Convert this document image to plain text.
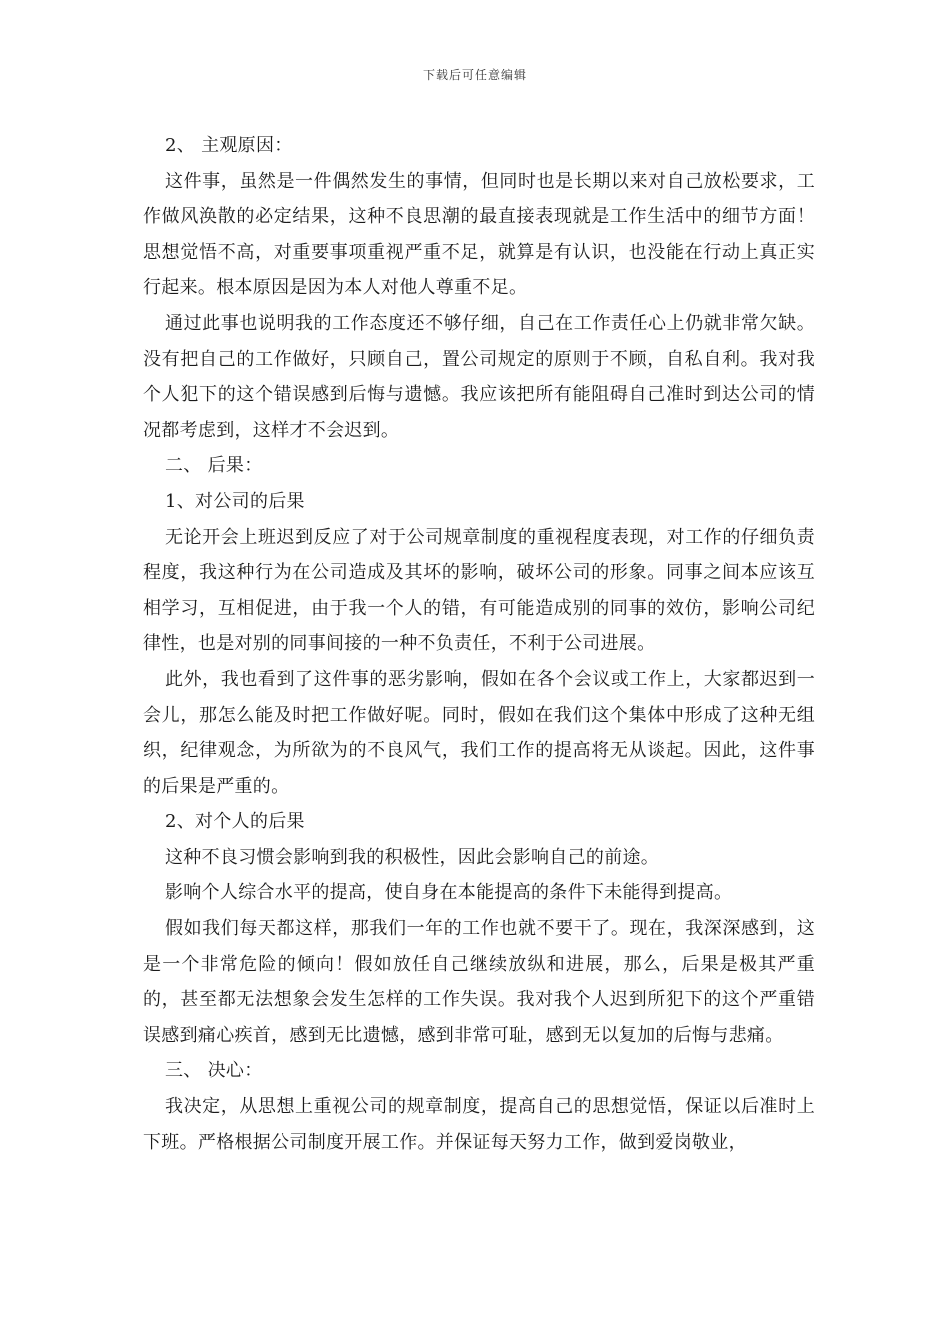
下载后可任意编辑

2、 主观原因：

这件事，虽然是一件偶然发生的事情，但同时也是长期以来对自己放松要求，工作做风涣散的必定结果，这种不良思潮的最直接表现就是工作生活中的细节方面！思想觉悟不高，对重要事项重视严重不足，就算是有认识，也没能在行动上真正实行起来。根本原因是因为本人对他人尊重不足。

通过此事也说明我的工作态度还不够仔细，自己在工作责任心上仍就非常欠缺。没有把自己的工作做好，只顾自己，置公司规定的原则于不顾，自私自利。我对我个人犯下的这个错误感到后悔与遗憾。我应该把所有能阻碍自己准时到达公司的情况都考虑到，这样才不会迟到。

二、 后果：

1、对公司的后果

无论开会上班迟到反应了对于公司规章制度的重视程度表现，对工作的仔细负责程度，我这种行为在公司造成及其坏的影响，破坏公司的形象。同事之间本应该互相学习，互相促进，由于我一个人的错，有可能造成别的同事的效仿，影响公司纪律性，也是对别的同事间接的一种不负责任，不利于公司进展。

此外，我也看到了这件事的恶劣影响，假如在各个会议或工作上，大家都迟到一会儿，那怎么能及时把工作做好呢。同时，假如在我们这个集体中形成了这种无组织，纪律观念，为所欲为的不良风气，我们工作的提高将无从谈起。因此，这件事的后果是严重的。

2、对个人的后果

这种不良习惯会影响到我的积极性，因此会影响自己的前途。

影响个人综合水平的提高，使自身在本能提高的条件下未能得到提高。

假如我们每天都这样，那我们一年的工作也就不要干了。现在，我深深感到，这是一个非常危险的倾向！假如放任自己继续放纵和进展，那么，后果是极其严重的，甚至都无法想象会发生怎样的工作失误。我对我个人迟到所犯下的这个严重错误感到痛心疾首，感到无比遗憾，感到非常可耻，感到无以复加的后悔与悲痛。

三、 决心：

我决定，从思想上重视公司的规章制度，提高自己的思想觉悟，保证以后准时上下班。严格根据公司制度开展工作。并保证每天努力工作，做到爱岗敬业，
